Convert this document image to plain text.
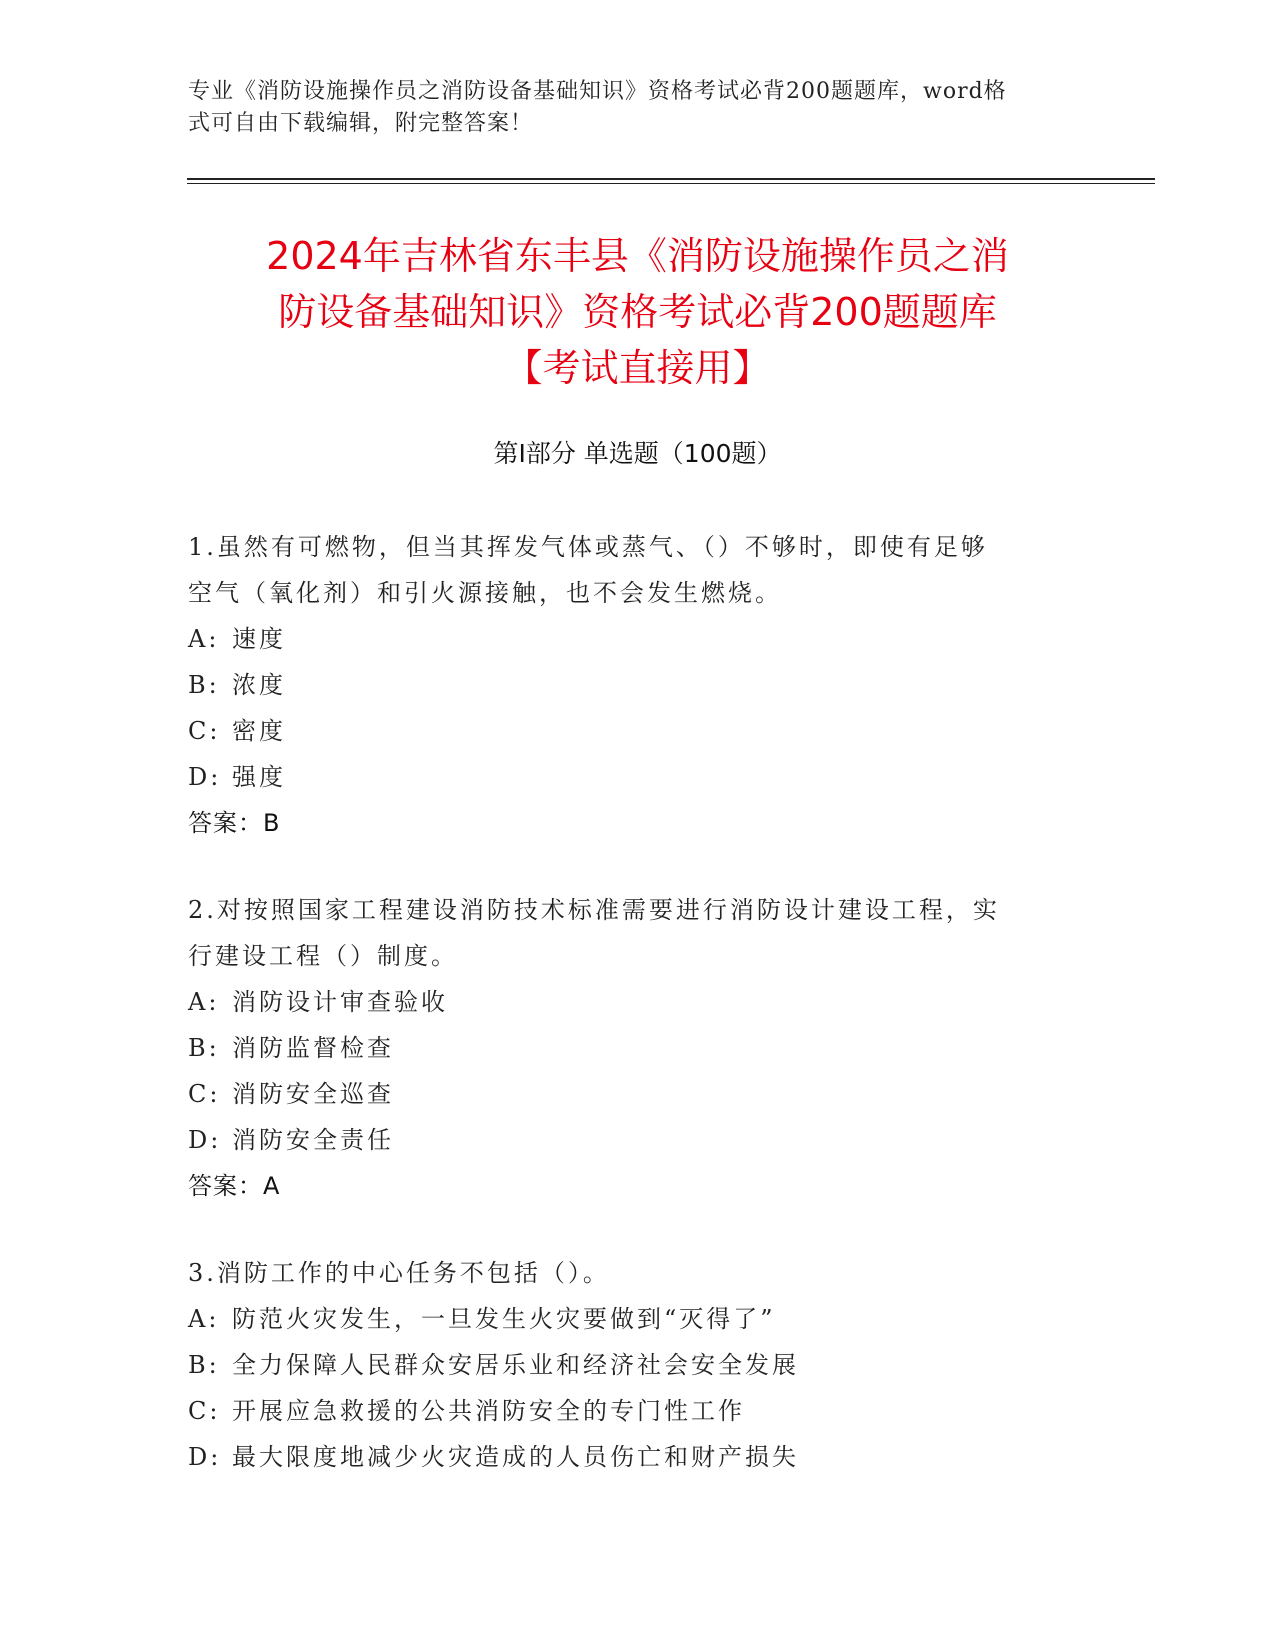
专业《消防设施操作员之消防设备基础知识》资格考试必背200题题库，word格
式可自由下载编辑，附完整答案！
2024年吉林省东丰县《消防设施操作员之消
防设备基础知识》资格考试必背200题题库
【考试直接用】
第Ⅰ部分 单选题（100题）
1.虽然有可燃物，但当其挥发气体或蒸气、（）不够时，即使有足够
空气（氧化剂）和引火源接触，也不会发生燃烧。
A: 速度
B: 浓度
C: 密度
D: 强度
答案：B
2.对按照国家工程建设消防技术标准需要进行消防设计建设工程，实
行建设工程（）制度。
A: 消防设计审查验收
B: 消防监督检查
C: 消防安全巡查
D: 消防安全责任
答案：A
3.消防工作的中心任务不包括（）。
A: 防范火灾发生，一旦发生火灾要做到“灭得了”
B: 全力保障人民群众安居乐业和经济社会安全发展
C: 开展应急救援的公共消防安全的专门性工作
D: 最大限度地减少火灾造成的人员伤亡和财产损失
